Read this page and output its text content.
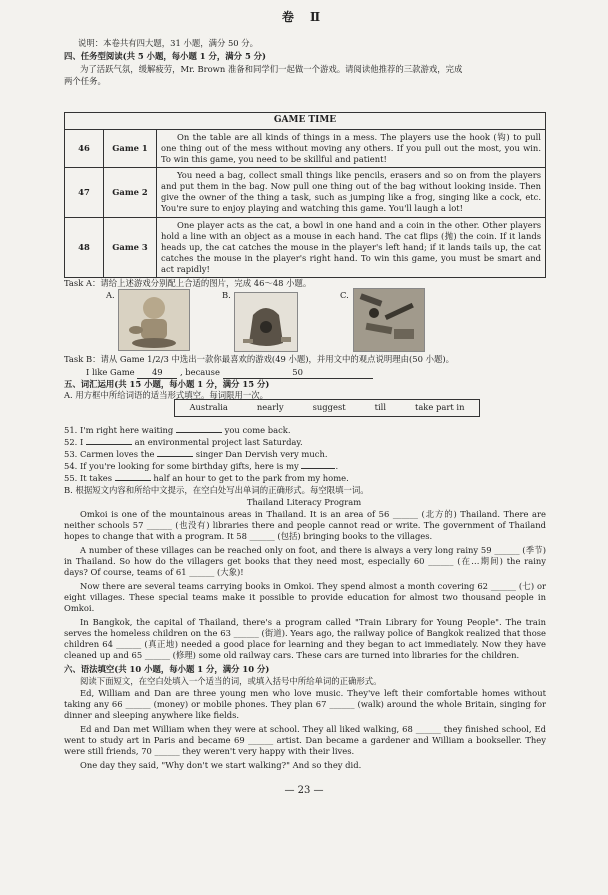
卷 Ⅱ
说明：本卷共有四大题，31 小题，满分 50 分。
四、任务型阅读(共 5 小题，每小题 1 分，满分 5 分)
为了活跃气氛，缓解疲劳，Mr. Brown 准备和同学们一起做一个游戏。请阅读他推荐的三款游戏，完成
两个任务。
GAME TIME		
46	Game 1	On the table are all kinds of things in a mess. The players use the hook (钩) to pull one thing out of the mess without moving any others. If you pull out the most, you win. To win this game, you need to be skillful and patient!
47	Game 2	You need a bag, collect small things like pencils, erasers and so on from the players and put them in the bag. Now pull one thing out of the bag without looking inside. Then give the owner of the thing a task, such as jumping like a frog, singing like a cock, etc. You're sure to enjoy playing and watching this game. You'll laugh a lot!
48	Game 3	One player acts as the cat, a bowl in one hand and a coin in the other. Other players hold a line with an object as a mouse in each hand. The cat flips (抛) the coin. If it lands heads up, the cat catches the mouse in the player's left hand; if it lands tails up, the cat catches the mouse in the player's right hand. To win this game, you must be smart and act rapidly!
Task A：请给上述游戏分别配上合适的图片，完成 46～48 小题。
A.	B.	C.
Task B：请从 Game 1/2/3 中选出一款你最喜欢的游戏(49 小题)，并用文中的观点说明理由(50 小题)。
I like Game 49 , because	50
五、词汇运用(共 15 小题，每小题 1 分，满分 15 分)
A. 用方框中所给词语的适当形式填空。每词限用一次。
Australia	nearly	suggest	till	take part in
51. I'm right here waiting	you come back.
52. I	an environmental project last Saturday.
53. Carmen loves the	singer Dan Dervish very much.
54. If you're looking for some birthday gifts, here is my	.
55. It takes	half an hour to get to the park from my home.
B. 根据短文内容和所给中文提示，在空白处写出单词的正确形式。每空限填一词。
Thailand Literacy Program
Omkoi is one of the mountainous areas in Thailand. It is an area of 56 ______ (北方的) Thailand. There are neither schools 57 ______ (也没有) libraries there and people cannot read or write. The government of Thailand hopes to change that with a program. It 58 ______ (包括) bringing books to the villages.
A number of these villages can be reached only on foot, and there is always a very long rainy 59 ______ (季节) in Thailand. So how do the villagers get books that they need most, especially 60 ______ (在…期间) the rainy days? Of course, teams of 61 ______ (大象)!
Now there are several teams carrying books in Omkoi. They spend almost a month covering 62 ______ (七) or eight villages. These special teams make it possible to provide education for almost two thousand people in Omkoi.
In Bangkok, the capital of Thailand, there's a program called "Train Library for Young People". The train serves the homeless children on the 63 ______ (街道). Years ago, the railway police of Bangkok realized that those children 64 ______ (真正地) needed a good place for learning and they began to act immediately. Now they have cleaned up and 65 ______ (修理) some old railway cars. These cars are turned into libraries for the children.
六、语法填空(共 10 小题，每小题 1 分，满分 10 分)
阅读下面短文，在空白处填入一个适当的词，或填入括号中所给单词的正确形式。
Ed, William and Dan are three young men who love music. They've left their comfortable homes without taking any 66 ______ (money) or mobile phones. They plan 67 ______ (walk) around the whole Britain, singing for dinner and sleeping anywhere like fields.
Ed and Dan met William when they were at school. They all liked walking, 68 ______ they finished school, Ed went to study art in Paris and became 69 ______ artist. Dan became a gardener and William a bookseller. They were still friends, 70 ______ they weren't very happy with their lives.
One day they said, "Why don't we start walking?" And so they did.
— 23 —
